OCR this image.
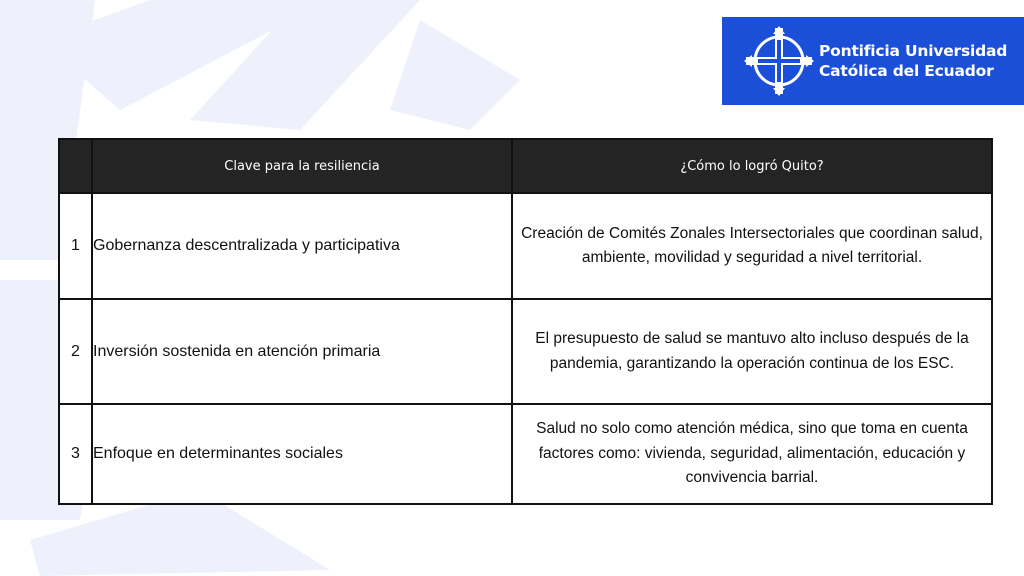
Pontificia Universidad
Católica del Ecuador
	Clave para la resiliencia	¿Cómo lo logró Quito?
1	Gobernanza descentralizada y participativa	Creación de Comités Zonales Intersectoriales que coordinan salud, ambiente, movilidad y seguridad a nivel territorial.
2	Inversión sostenida en atención primaria	El presupuesto de salud se mantuvo alto incluso después de la pandemia, garantizando la operación continua de los ESC.
3	Enfoque en determinantes sociales	Salud no solo como atención médica, sino que toma en cuenta factores como: vivienda, seguridad, alimentación, educación y convivencia barrial.
